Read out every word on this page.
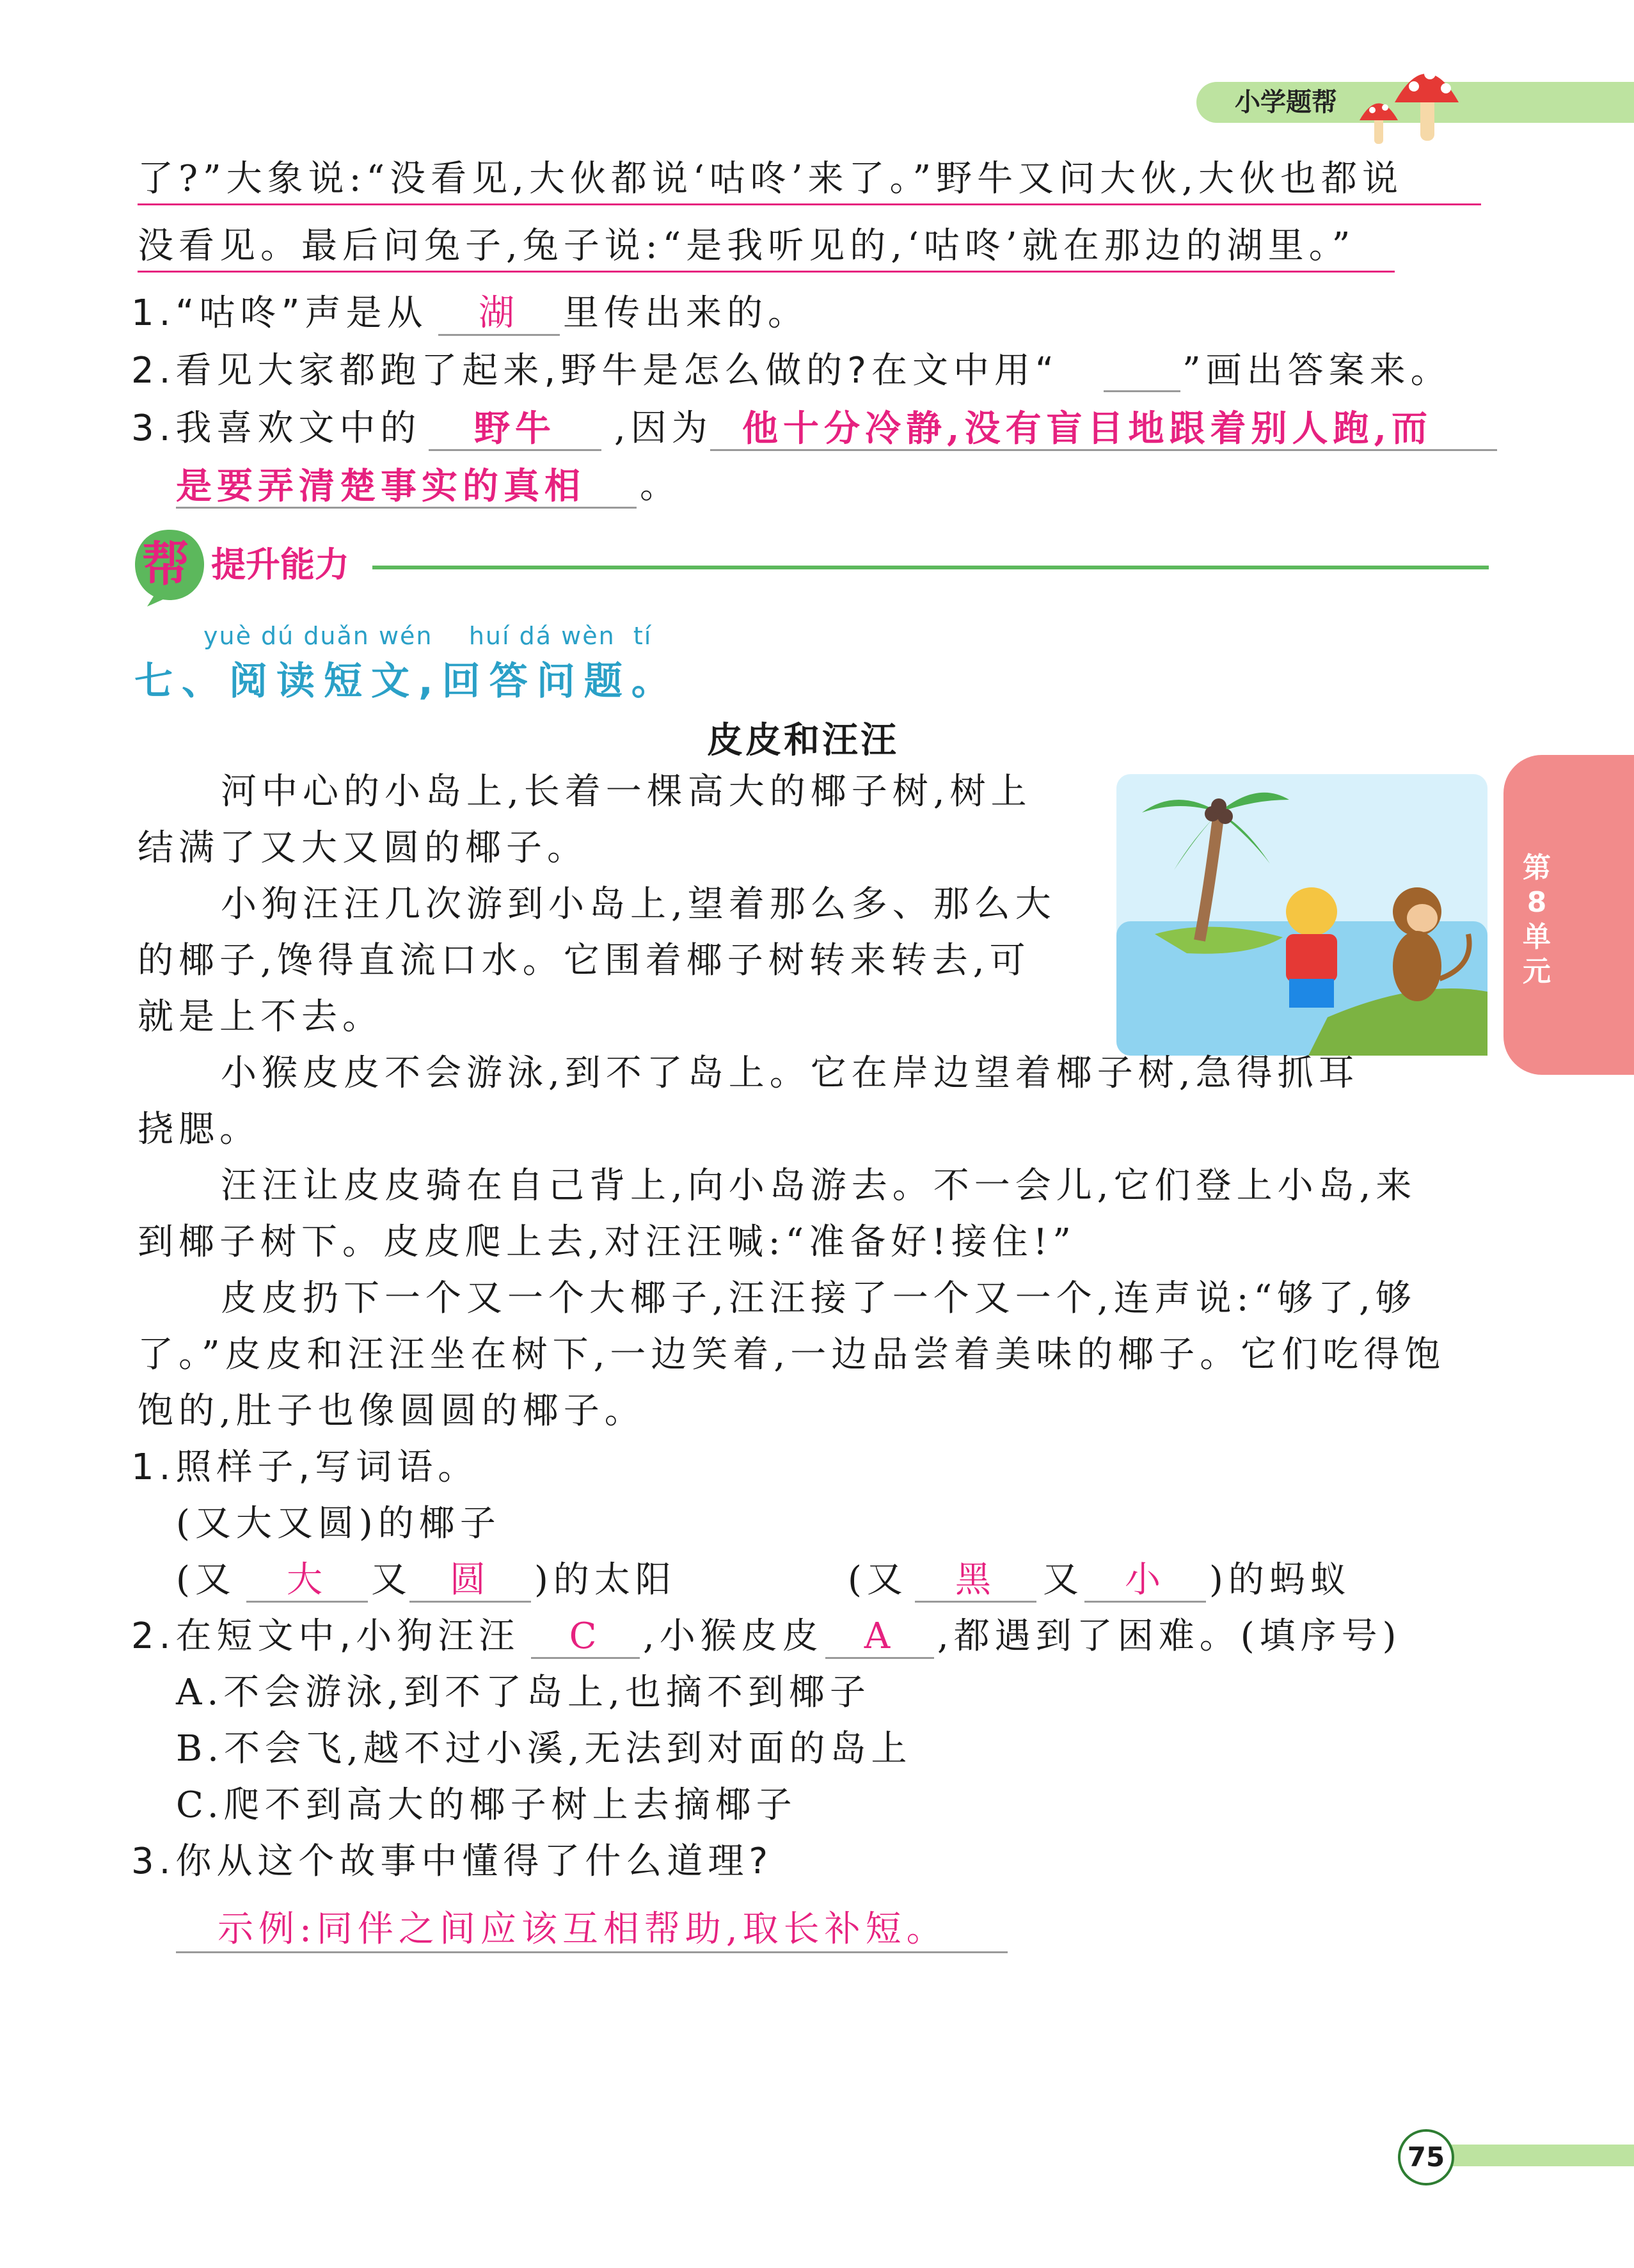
小学题帮
第
8
单
元
了?”大象说:“没看见,大伙都说‘咕咚’来了。”野牛又问大伙,大伙也都说
没看见。最后问兔子,兔子说:“是我听见的,‘咕咚’就在那边的湖里。”
1.“咕咚”声是从	湖	里传出来的。
2.看见大家都跑了起来,野牛是怎么做的?在文中用“	”画出答案来。
3.我喜欢文中的	野牛	,因为 他十分冷静,没有盲目地跟着别人跑,而
是要弄清楚事实的真相	。
帮 提升能力
yuè dú duǎn wén    huí dá wèn  tí
七、阅读短文,回答问题。
皮皮和汪汪
河中心的小岛上,长着一棵高大的椰子树,树上
结满了又大又圆的椰子。
小狗汪汪几次游到小岛上,望着那么多、那么大
的椰子,馋得直流口水。它围着椰子树转来转去,可
就是上不去。
小猴皮皮不会游泳,到不了岛上。它在岸边望着椰子树,急得抓耳
挠腮。
汪汪让皮皮骑在自己背上,向小岛游去。不一会儿,它们登上小岛,来
到椰子树下。皮皮爬上去,对汪汪喊:“准备好!接住!”
皮皮扔下一个又一个大椰子,汪汪接了一个又一个,连声说:“够了,够
了。”皮皮和汪汪坐在树下,一边笑着,一边品尝着美味的椰子。它们吃得饱
饱的,肚子也像圆圆的椰子。
1.照样子,写词语。
(又大又圆)的椰子
(又	大	又	圆	)的太阳	(又	黑	又	小	)的蚂蚁
2.在短文中,小狗汪汪	C	,小猴皮皮	A	,都遇到了困难。(填序号)
A.不会游泳,到不了岛上,也摘不到椰子
B.不会飞,越不过小溪,无法到对面的岛上
C.爬不到高大的椰子树上去摘椰子
3.你从这个故事中懂得了什么道理?
示例:同伴之间应该互相帮助,取长补短。
75
